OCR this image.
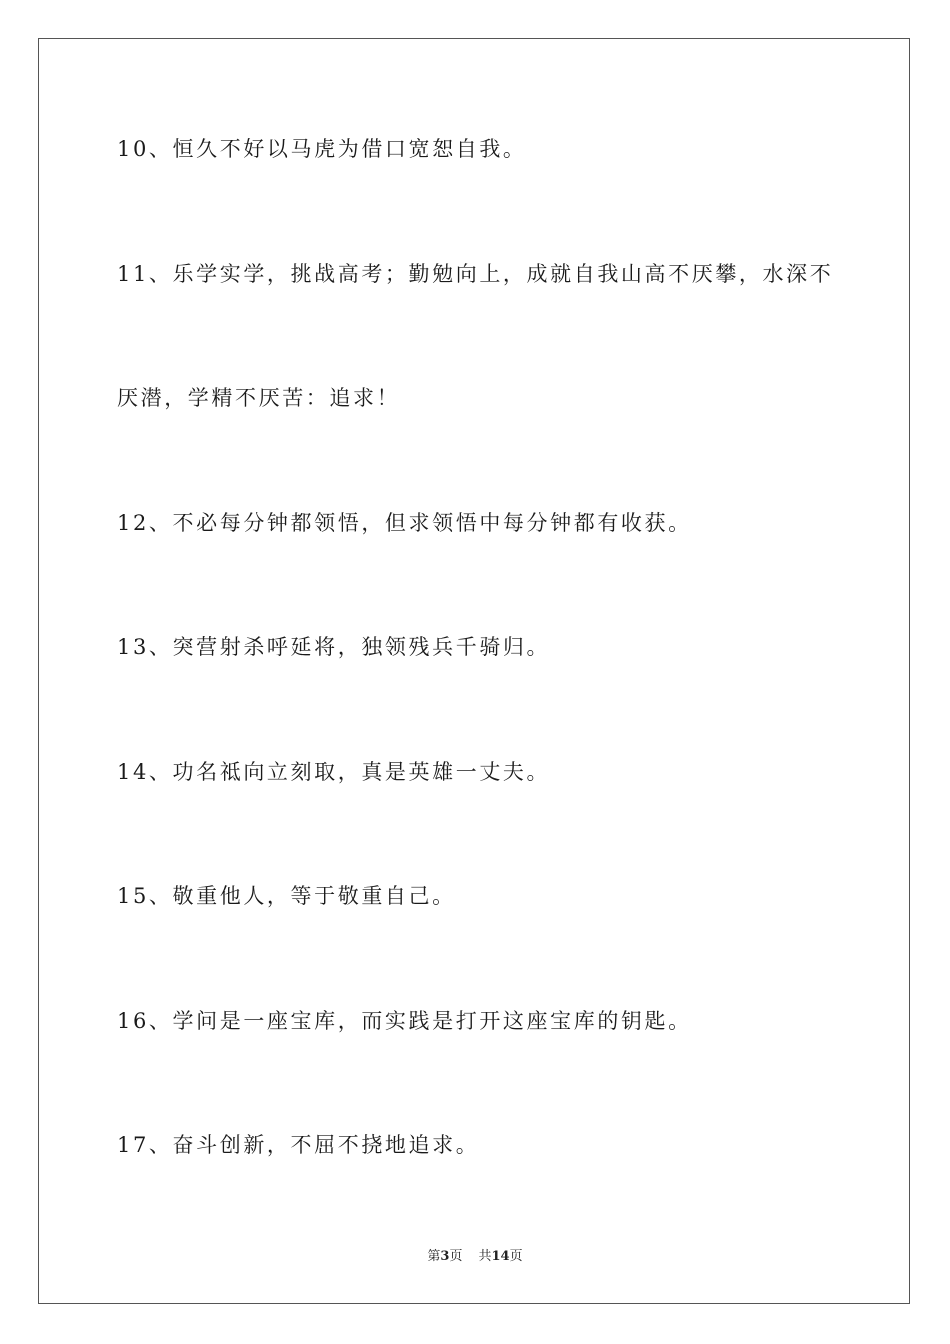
10、恒久不好以马虎为借口宽恕自我。
11、乐学实学，挑战高考；勤勉向上，成就自我山高不厌攀，水深不
厌潜，学精不厌苦：追求！
12、不必每分钟都领悟，但求领悟中每分钟都有收获。
13、突营射杀呼延将，独领残兵千骑归。
14、功名祗向立刻取，真是英雄一丈夫。
15、敬重他人，等于敬重自己。
16、学问是一座宝库，而实践是打开这座宝库的钥匙。
17、奋斗创新，不屈不挠地追求。
第3页 共14页
